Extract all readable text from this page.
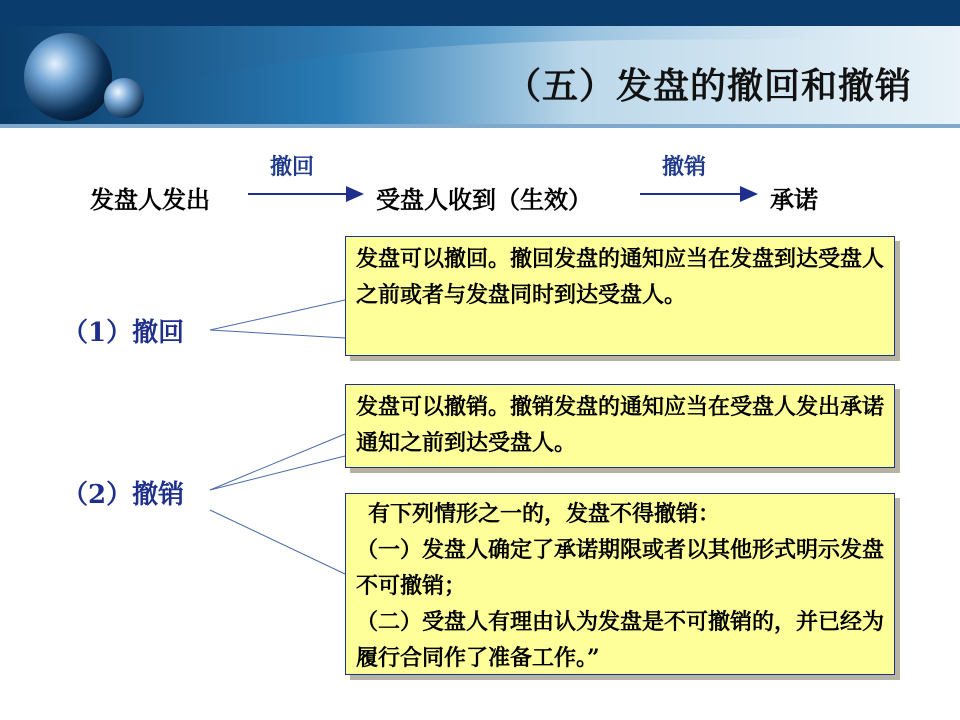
（五）发盘的撤回和撤销
发盘人发出	受盘人收到（生效）	承诺
撤回	撤销
（1）撤回
（2）撤销
发盘可以撤回。撤回发盘的通知应当在发盘到达受盘人之前或者与发盘同时到达受盘人。
发盘可以撤销。撤销发盘的通知应当在受盘人发出承诺通知之前到达受盘人。
有下列情形之一的，发盘不得撤销：
（一）发盘人确定了承诺期限或者以其他形式明示发盘不可撤销；
（二）受盘人有理由认为发盘是不可撤销的，并已经为履行合同作了准备工作。”
